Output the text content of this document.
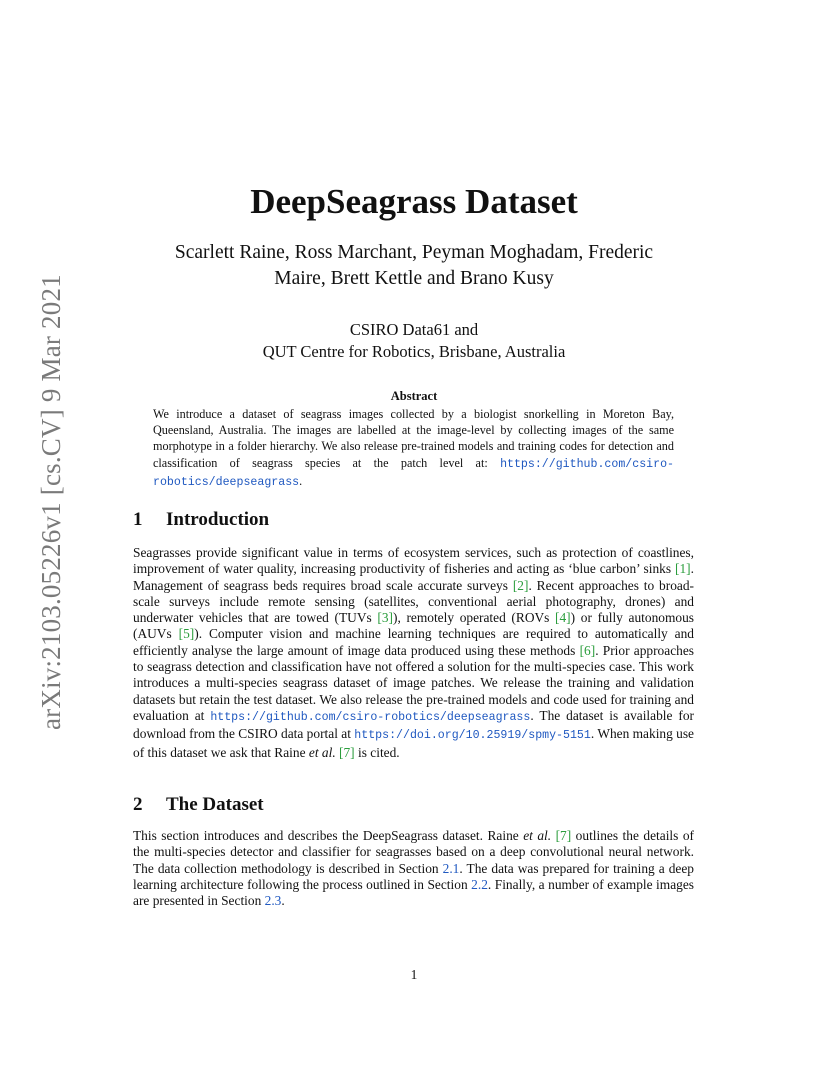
arXiv:2103.05226v1 [cs.CV] 9 Mar 2021
DeepSeagrass Dataset
Scarlett Raine, Ross Marchant, Peyman Moghadam, Frederic
Maire, Brett Kettle and Brano Kusy
CSIRO Data61 and
QUT Centre for Robotics, Brisbane, Australia
Abstract
We introduce a dataset of seagrass images collected by a biologist snorkelling in Moreton Bay, Queensland, Australia. The images are labelled at the image-level by collecting images of the same morphotype in a folder hierarchy. We also release pre-trained models and training codes for detection and classification of seagrass species at the patch level at: https://github.com/csiro-robotics/deepseagrass.
1 Introduction
Seagrasses provide significant value in terms of ecosystem services, such as protection of coastlines, improvement of water quality, increasing productivity of fisheries and acting as ‘blue carbon’ sinks [1]. Management of seagrass beds requires broad scale accurate surveys [2]. Recent approaches to broad-scale surveys include remote sensing (satellites, conventional aerial photography, drones) and underwater vehicles that are towed (TUVs [3]), remotely operated (ROVs [4]) or fully autonomous (AUVs [5]). Computer vision and machine learning techniques are required to automatically and efficiently analyse the large amount of image data produced using these methods [6]. Prior approaches to seagrass detection and classification have not offered a solution for the multi-species case. This work introduces a multi-species seagrass dataset of image patches. We release the training and validation datasets but retain the test dataset. We also release the pre-trained models and code used for training and evaluation at https://github.com/csiro-robotics/deepseagrass. The dataset is available for download from the CSIRO data portal at https://doi.org/10.25919/spmy-5151. When making use of this dataset we ask that Raine et al. [7] is cited.
2 The Dataset
This section introduces and describes the DeepSeagrass dataset. Raine et al. [7] outlines the details of the multi-species detector and classifier for seagrasses based on a deep convolutional neural network. The data collection methodology is described in Section 2.1. The data was prepared for training a deep learning architecture following the process outlined in Section 2.2. Finally, a number of example images are presented in Section 2.3.
1
